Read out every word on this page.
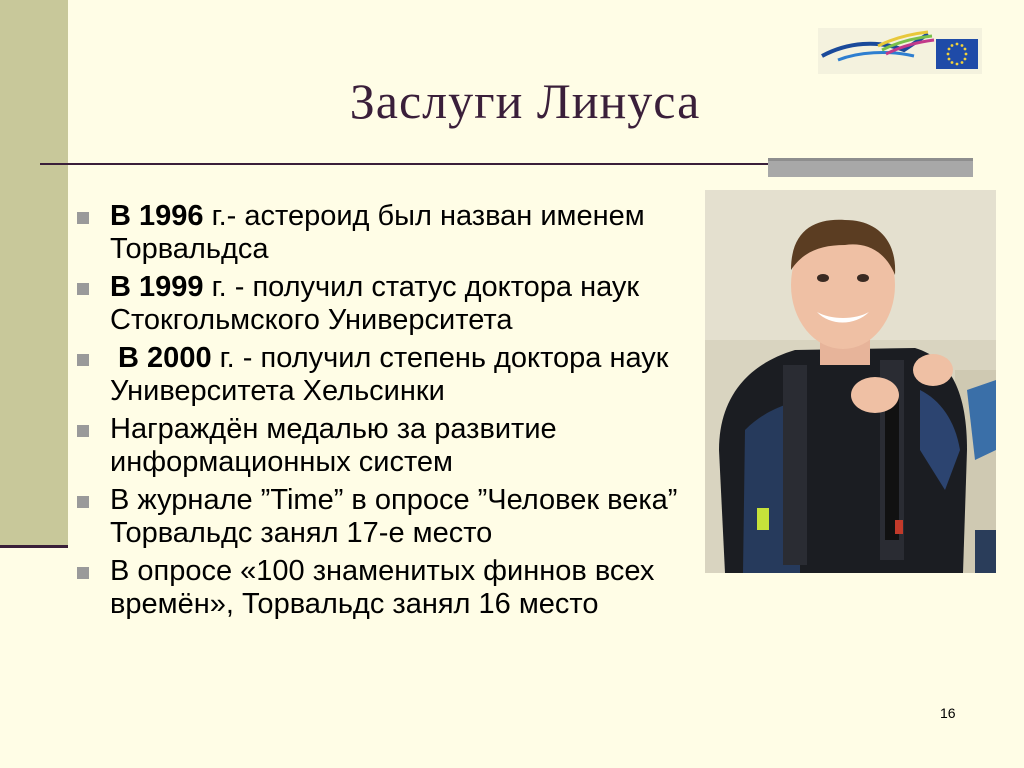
Заслуги Линуса
В 1996 г.- астероид был назван именем Торвальдса
В 1999 г. - получил статус доктора наук Стокгольмского Университета
В 2000 г. - получил степень доктора наук Университета Хельсинки
Награждён медалью за развитие информационных систем
В журнале ”Time” в опросе ”Человек века” Торвальдс занял 17-е место
В опросе «100 знаменитых финнов всех времён», Торвальдс занял 16 место
16
